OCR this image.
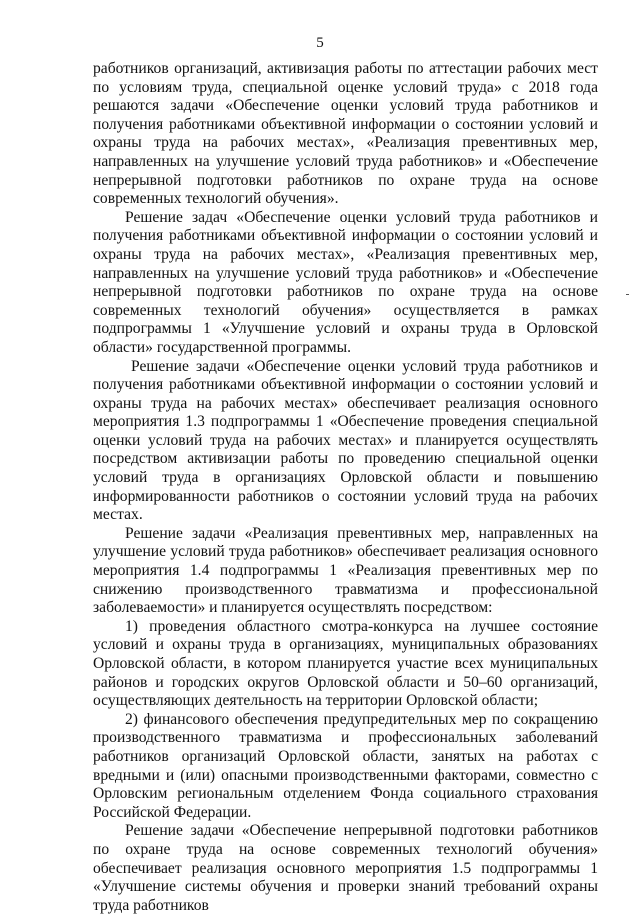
5

работников организаций, активизация работы по аттестации рабочих мест по условиям труда, специальной оценке условий труда» с 2018 года решаются задачи «Обеспечение оценки условий труда работников и получения работниками объективной информации о состоянии условий и охраны труда на рабочих местах», «Реализация превентивных мер, направленных на улучшение условий труда работников» и «Обеспечение непрерывной подготовки работников по охране труда на основе современных технологий обучения».

Решение задач «Обеспечение оценки условий труда работников и получения работниками объективной информации о состоянии условий и охраны труда на рабочих местах», «Реализация превентивных мер, направленных на улучшение условий труда работников» и «Обеспечение непрерывной подготовки работников по охране труда на основе современных технологий обучения» осуществляется в рамках подпрограммы 1 «Улучшение условий и охраны труда в Орловской области» государственной программы.

Решение задачи «Обеспечение оценки условий труда работников и получения работниками объективной информации о состоянии условий и охраны труда на рабочих местах» обеспечивает реализация основного мероприятия 1.3 подпрограммы 1 «Обеспечение проведения специальной оценки условий труда на рабочих местах» и планируется осуществлять посредством активизации работы по проведению специальной оценки условий труда в организациях Орловской области и повышению информированности работников о состоянии условий труда на рабочих местах.

Решение задачи «Реализация превентивных мер, направленных на улучшение условий труда работников» обеспечивает реализация основного мероприятия 1.4 подпрограммы 1 «Реализация превентивных мер по снижению производственного травматизма и профессиональной заболеваемости» и планируется осуществлять посредством:

1) проведения областного смотра-конкурса на лучшее состояние условий и охраны труда в организациях, муниципальных образованиях Орловской области, в котором планируется участие всех муниципальных районов и городских округов Орловской области и 50–60 организаций, осуществляющих деятельность на территории Орловской области;

2) финансового обеспечения предупредительных мер по сокращению производственного травматизма и профессиональных заболеваний работников организаций Орловской области, занятых на работах с вредными и (или) опасными производственными факторами, совместно с Орловским региональным отделением Фонда социального страхования Российской Федерации.

Решение задачи «Обеспечение непрерывной подготовки работников по охране труда на основе современных технологий обучения» обеспечивает реализация основного мероприятия 1.5 подпрограммы 1 «Улучшение системы обучения и проверки знаний требований охраны труда работников
